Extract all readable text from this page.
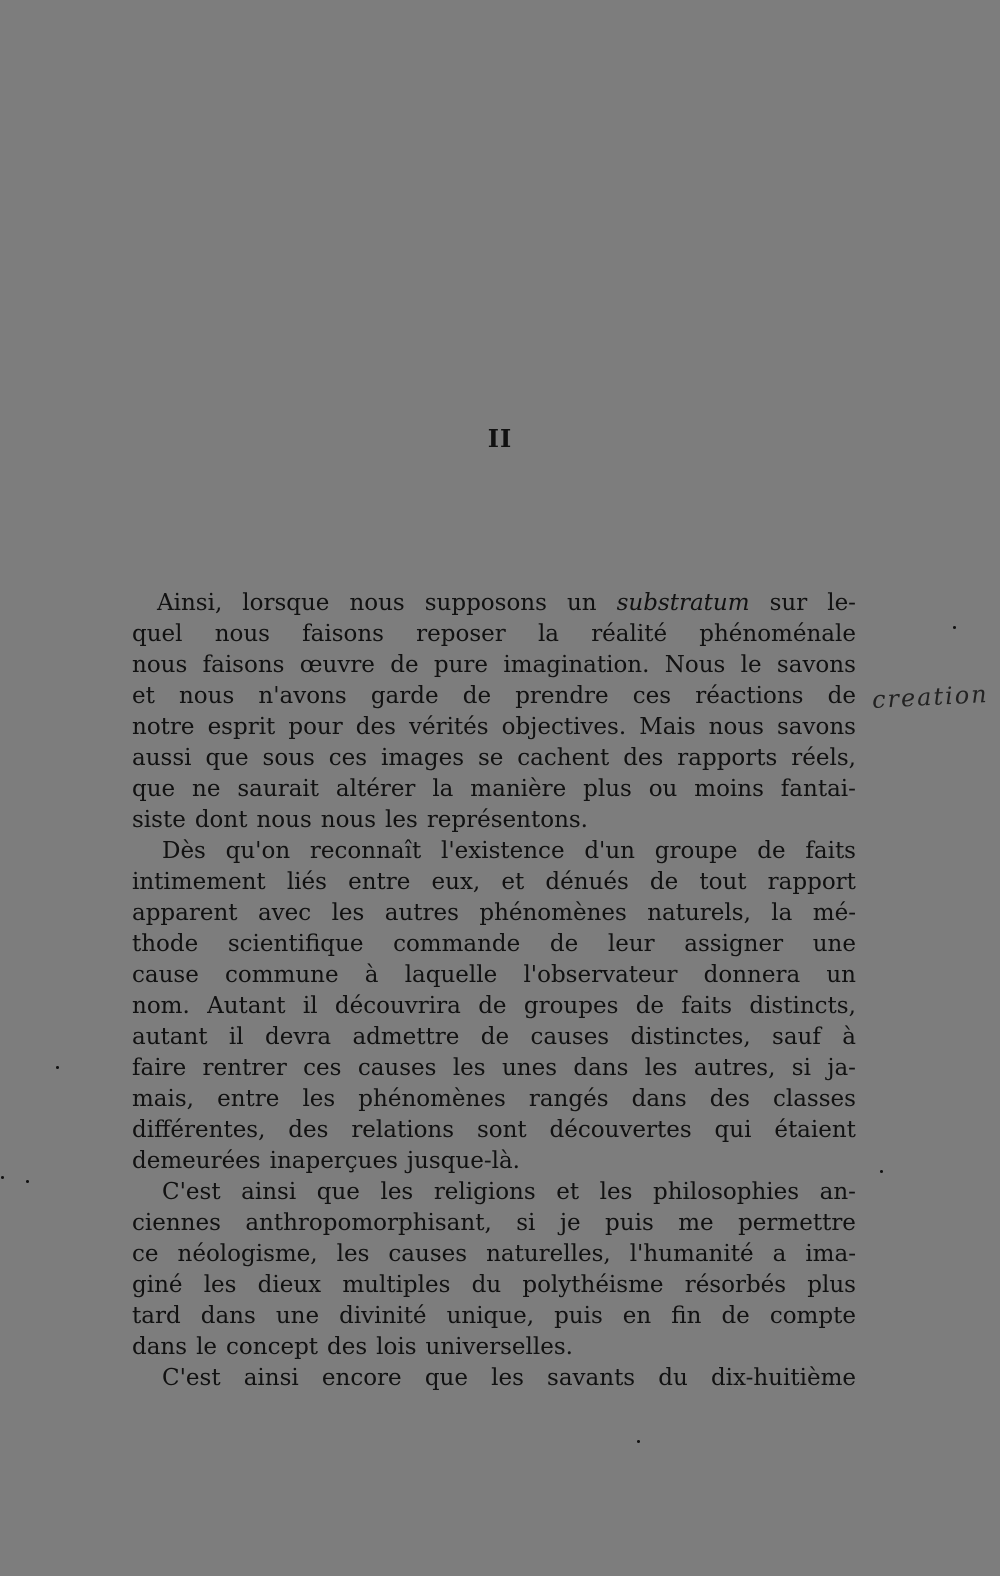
II
Ainsi, lorsque nous supposons un substratum sur le-
quel nous faisons reposer la réalité phénoménale
nous faisons œuvre de pure imagination. Nous le savons
et nous n'avons garde de prendre ces réactions de
notre esprit pour des vérités objectives. Mais nous savons
aussi que sous ces images se cachent des rapports réels,
que ne saurait altérer la manière plus ou moins fantai-
siste dont nous nous les représentons.
Dès qu'on reconnaît l'existence d'un groupe de faits
intimement liés entre eux, et dénués de tout rapport
apparent avec les autres phénomènes naturels, la mé-
thode scientifique commande de leur assigner une
cause commune à laquelle l'observateur donnera un
nom. Autant il découvrira de groupes de faits distincts,
autant il devra admettre de causes distinctes, sauf à
faire rentrer ces causes les unes dans les autres, si ja-
mais, entre les phénomènes rangés dans des classes
différentes, des relations sont découvertes qui étaient
demeurées inaperçues jusque-là.
C'est ainsi que les religions et les philosophies an-
ciennes anthropomorphisant, si je puis me permettre
ce néologisme, les causes naturelles, l'humanité a ima-
giné les dieux multiples du polythéisme résorbés plus
tard dans une divinité unique, puis en fin de compte
dans le concept des lois universelles.
C'est ainsi encore que les savants du dix-huitième
creation
